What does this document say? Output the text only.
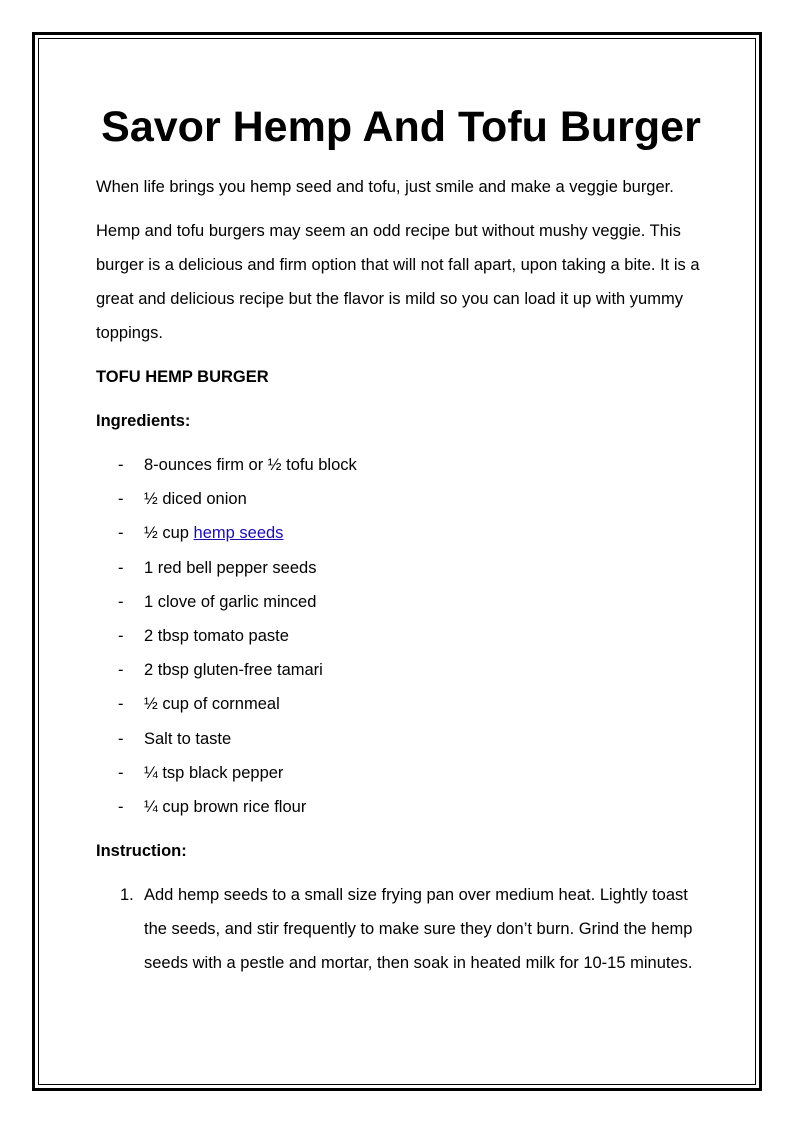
Savor Hemp And Tofu Burger

When life brings you hemp seed and tofu, just smile and make a veggie burger.

Hemp and tofu burgers may seem an odd recipe but without mushy veggie. This burger is a delicious and firm option that will not fall apart, upon taking a bite. It is a great and delicious recipe but the flavor is mild so you can load it up with yummy toppings.

TOFU HEMP BURGER

Ingredients:

- 8-ounces firm or ½ tofu block
- ½ diced onion
- ½ cup hemp seeds
- 1 red bell pepper seeds
- 1 clove of garlic minced
- 2 tbsp tomato paste
- 2 tbsp gluten-free tamari
- ½ cup of cornmeal
- Salt to taste
- ¼ tsp black pepper
- ¼ cup brown rice flour

Instruction:

1. Add hemp seeds to a small size frying pan over medium heat. Lightly toast the seeds, and stir frequently to make sure they don’t burn. Grind the hemp seeds with a pestle and mortar, then soak in heated milk for 10-15 minutes.
